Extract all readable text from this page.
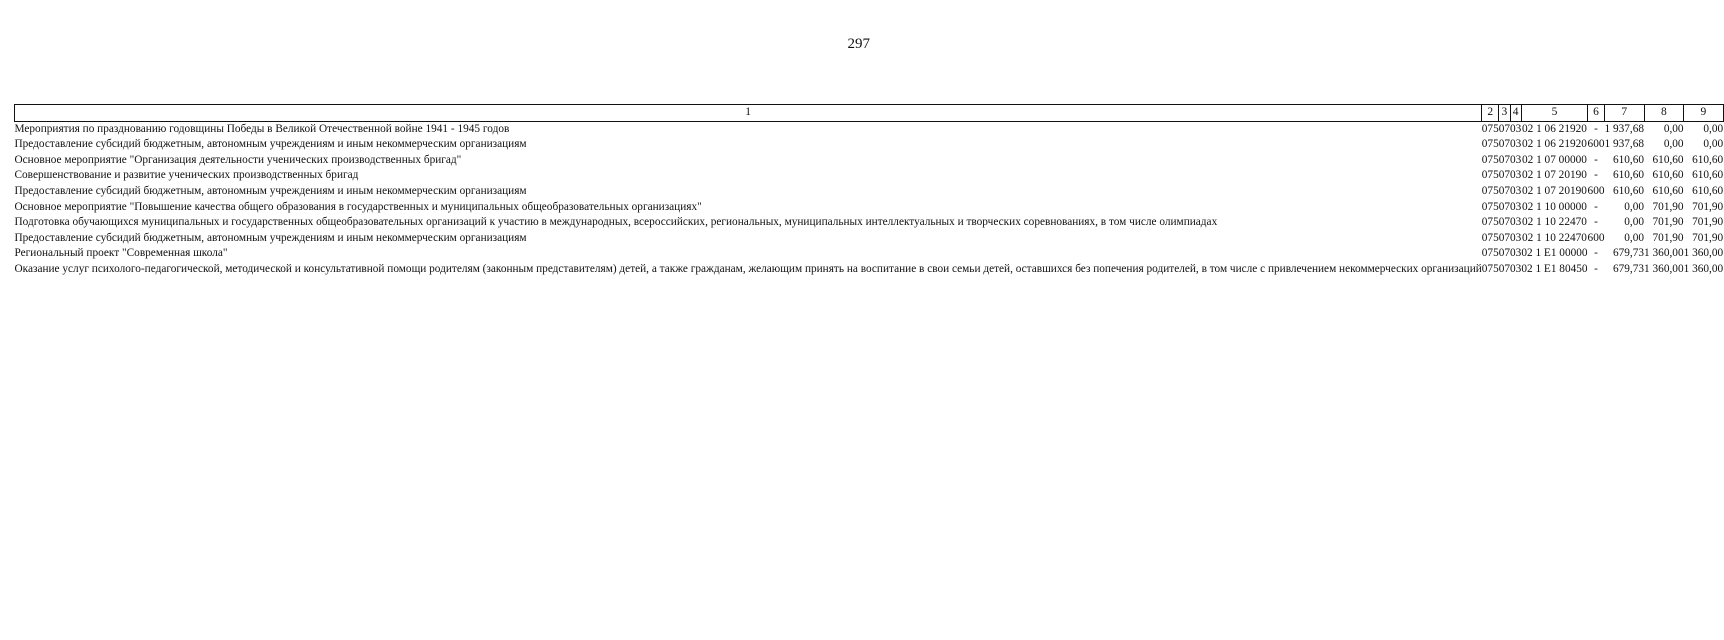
297
1	2	3	4	5	6	7	8	9
Мероприятия по празднованию годовщины Победы в Великой Отечественной войне 1941 - 1945 годов	075	07	03	02 1 06 21920	-	1 937,68	0,00	0,00
Предоставление субсидий бюджетным, автономным учреждениям и иным некоммерческим организациям	075	07	03	02 1 06 21920	600	1 937,68	0,00	0,00
Основное мероприятие "Организация деятельности ученических производственных бригад"	075	07	03	02 1 07 00000	-	610,60	610,60	610,60
Совершенствование и развитие ученических производственных бригад	075	07	03	02 1 07 20190	-	610,60	610,60	610,60
Предоставление субсидий бюджетным, автономным учреждениям и иным некоммерческим организациям	075	07	03	02 1 07 20190	600	610,60	610,60	610,60
Основное мероприятие "Повышение качества общего образования в государственных и муниципальных общеобразовательных организациях"	075	07	03	02 1 10 00000	-	0,00	701,90	701,90
Подготовка обучающихся муниципальных и государственных общеобразовательных организаций к участию в международных, всероссийских, региональных, муниципальных интеллектуальных и творческих соревнованиях, в том числе олимпиадах	075	07	03	02 1 10 22470	-	0,00	701,90	701,90
Предоставление субсидий бюджетным, автономным учреждениям и иным некоммерческим организациям	075	07	03	02 1 10 22470	600	0,00	701,90	701,90
Региональный проект "Современная школа"	075	07	03	02 1 E1 00000	-	679,73	1 360,00	1 360,00
Оказание услуг психолого-педагогической, методической и консультативной помощи родителям (законным представителям) детей, а также гражданам, желающим принять на воспитание в свои семьи детей, оставшихся без попечения родителей, в том числе с привлечением некоммерческих организаций	075	07	03	02 1 E1 80450	-	679,73	1 360,00	1 360,00
